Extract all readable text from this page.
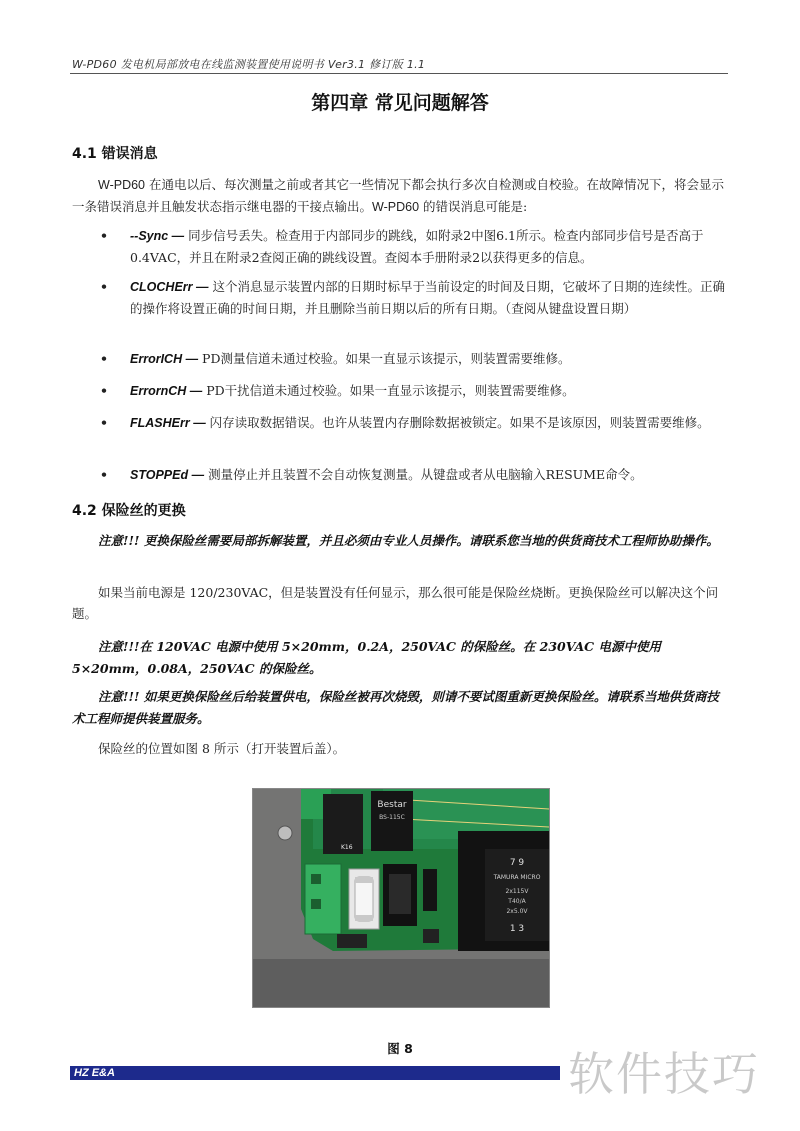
W-PD60 发电机局部放电在线监测装置使用说明书 Ver3.1 修订版 1.1
第四章 常见问题解答
4.1 错误消息
W-PD60 在通电以后、每次测量之前或者其它一些情况下都会执行多次自检测或自校验。在故障情况下，将会显示一条错误消息并且触发状态指示继电器的干接点输出。W-PD60 的错误消息可能是:
• --Sync — 同步信号丢失。检查用于内部同步的跳线，如附录2中图6.1所示。检查内部同步信号是否高于0.4VAC，并且在附录2查阅正确的跳线设置。查阅本手册附录2以获得更多的信息。
• CLOCHErr — 这个消息显示装置内部的日期时标早于当前设定的时间及日期，它破坏了日期的连续性。正确的操作将设置正确的时间日期，并且删除当前日期以后的所有日期。（查阅从键盘设置日期）
• ErrorICH — PD测量信道未通过校验。如果一直显示该提示，则装置需要维修。
• ErrornCH — PD干扰信道未通过校验。如果一直显示该提示，则装置需要维修。
• FLASHErr — 闪存读取数据错误。也许从装置内存删除数据被锁定。如果不是该原因，则装置需要维修。
• STOPPEd — 测量停止并且装置不会自动恢复测量。从键盘或者从电脑输入RESUME命令。
4.2 保险丝的更换
注意!!! 更换保险丝需要局部拆解装置，并且必须由专业人员操作。请联系您当地的供货商技术工程师协助操作。
如果当前电源是 120/230VAC，但是装置没有任何显示，那么很可能是保险丝烧断。更换保险丝可以解决这个问题。
注意!!!在 120VAC 电源中使用 5×20mm，0.2A，250VAC 的保险丝。在 230VAC 电源中使用 5×20mm，0.08A，250VAC 的保险丝。
注意!!! 如果更换保险丝后给装置供电，保险丝被再次烧毁，则请不要试图重新更换保险丝。请联系当地供货商技术工程师提供装置服务。
保险丝的位置如图 8 所示（打开装置后盖）。
Bestar
BS-115C
K16
7 9
TAMURA MICRO
2x115V
T40/A
2x5.0V
1 3
图 8
HZ E&A	软件技巧
